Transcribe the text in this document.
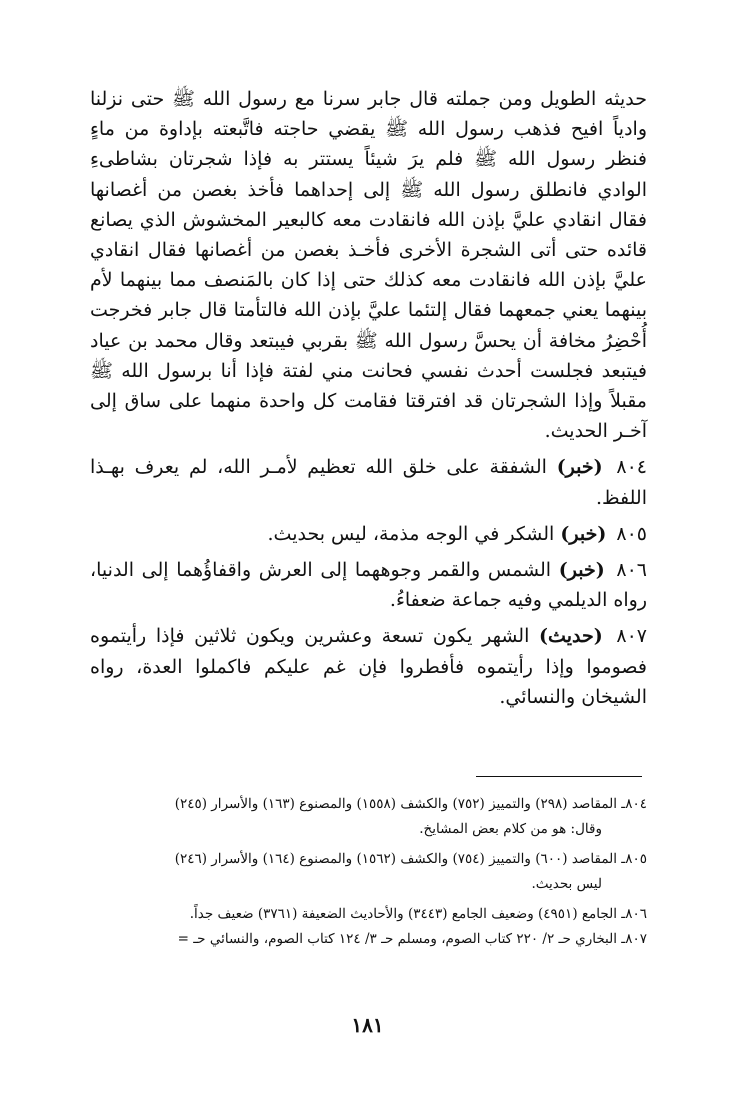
حديثه الطويل ومن جملته قال جابر سرنا مع رسول الله ﷺ حتى نزلنا وادياً افيح فذهب رسول الله ﷺ يقضي حاجته فاتَّبعته بإداوة من ماءٍ فنظر رسول الله ﷺ فلم يرَ شيئاً يستتر به فإذا شجرتان بشاطىءِ الوادي فانطلق رسول الله ﷺ إلى إحداهما فأخذ بغصن من أغصانها فقال انقادي عليَّ بإذن الله فانقادت معه كالبعير المخشوش الذي يصانع قائده حتى أتى الشجرة الأخرى فأخـذ بغصن من أغصانها فقال انقادي عليَّ بإذن الله فانقادت معه كذلك حتى إذا كان بالمَنصف مما بينهما لأم بينهما يعني جمعهما فقال إلتئما عليَّ بإذن الله فالتأمتا قال جابر فخرجت أُحْضِرُ مخافة أن يحسَّ رسول الله ﷺ بقربي فيبتعد وقال محمد بن عياد فيتبعد فجلست أحدث نفسي فحانت مني لفتة فإذا أنا برسول الله ﷺ مقبلاً وإذا الشجرتان قد افترقتا فقامت كل واحدة منهما على ساق إلى آخـر الحديث.

٨٠٤ (خبر) الشفقة على خلق الله تعظيم لأمـر الله، لم يعرف بهـذا اللفظ.

٨٠٥ (خبر) الشكر في الوجه مذمة، ليس بحديث.

٨٠٦ (خبر) الشمس والقمر وجوههما إلى العرش واقفاؤُهما إلى الدنيا، رواه الديلمي وفيه جماعة ضعفاءُ.

٨٠٧ (حديث) الشهر يكون تسعة وعشرين ويكون ثلاثين فإذا رأيتموه فصوموا وإذا رأيتموه فأفطروا فإن غم عليكم فاكملوا العدة، رواه الشيخان والنسائي.

٨٠٤ـ المقاصد (٢٩٨) والتمييز (٧٥٢) والكشف (١٥٥٨) والمصنوع (١٦٣) والأسرار (٢٤٥)

وقال: هو من كلام بعض المشايخ.

٨٠٥ـ المقاصد (٦٠٠) والتمييز (٧٥٤) والكشف (١٥٦٢) والمصنوع (١٦٤) والأسرار (٢٤٦)

ليس بحديث.

٨٠٦ـ الجامع (٤٩٥١) وضعيف الجامع (٣٤٤٣) والأحاديث الضعيفة (٣٧٦١) ضعيف جداً.

٨٠٧ـ البخاري حـ ٢/ ٢٢٠ كتاب الصوم، ومسلم حـ ٣/ ١٢٤ كتاب الصوم، والنسائي حـ =

١٨١
